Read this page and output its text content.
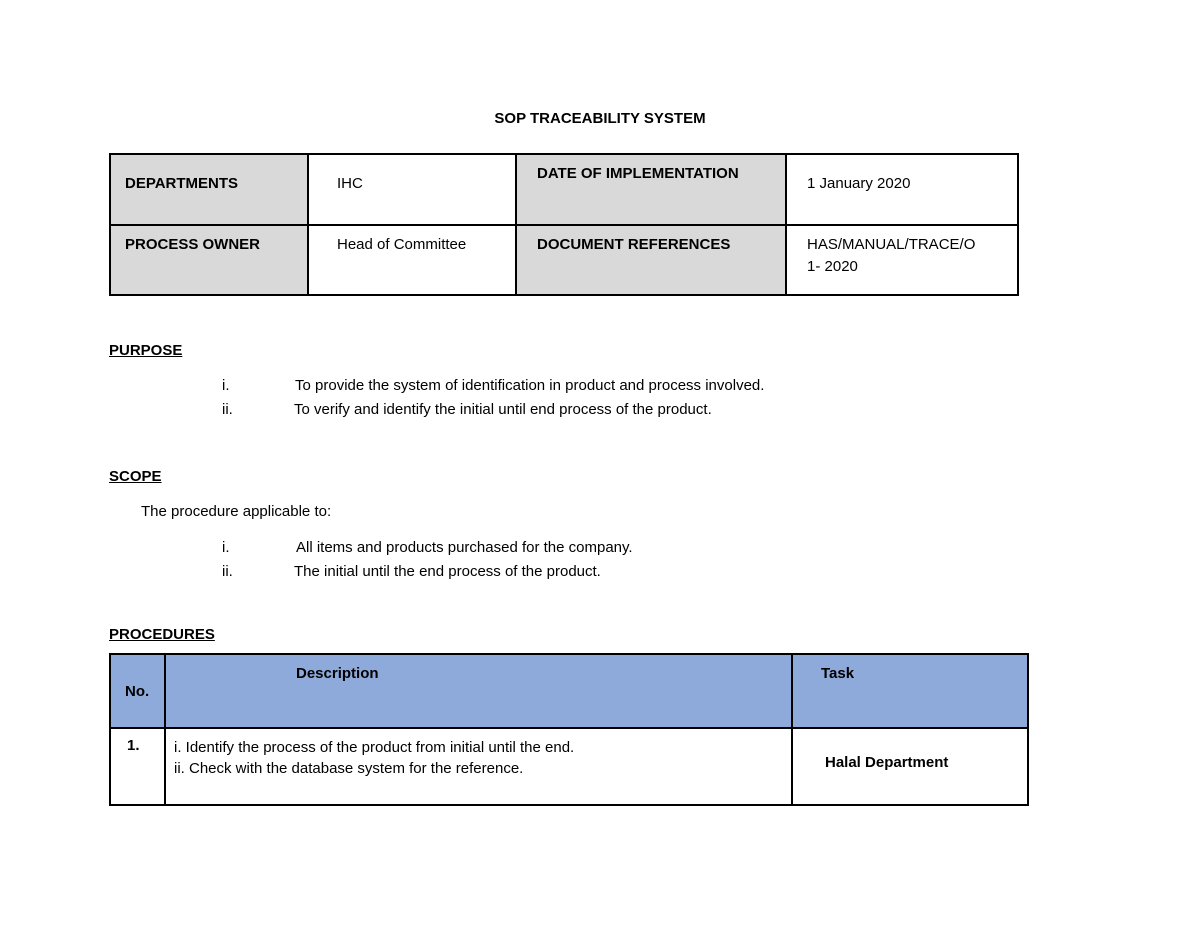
SOP TRACEABILITY SYSTEM
DEPARTMENTS	IHC	DATE OF IMPLEMENTATION	1 January 2020

PROCESS OWNER	Head of Committee	DOCUMENT REFERENCES	HAS/MANUAL/TRACE/O
1- 2020
PURPOSE
i.	To provide the system of identification in product and process involved.
ii.	To verify and identify the initial until end process of the product.
SCOPE
The procedure applicable to:
i.	All items and products purchased for the company.
ii.	The initial until the end process of the product.
PROCEDURES
No.	Description	Task

1.	i. Identify the process of the product from initial until the end.
ii. Check with the database system for the reference.	Halal Department
